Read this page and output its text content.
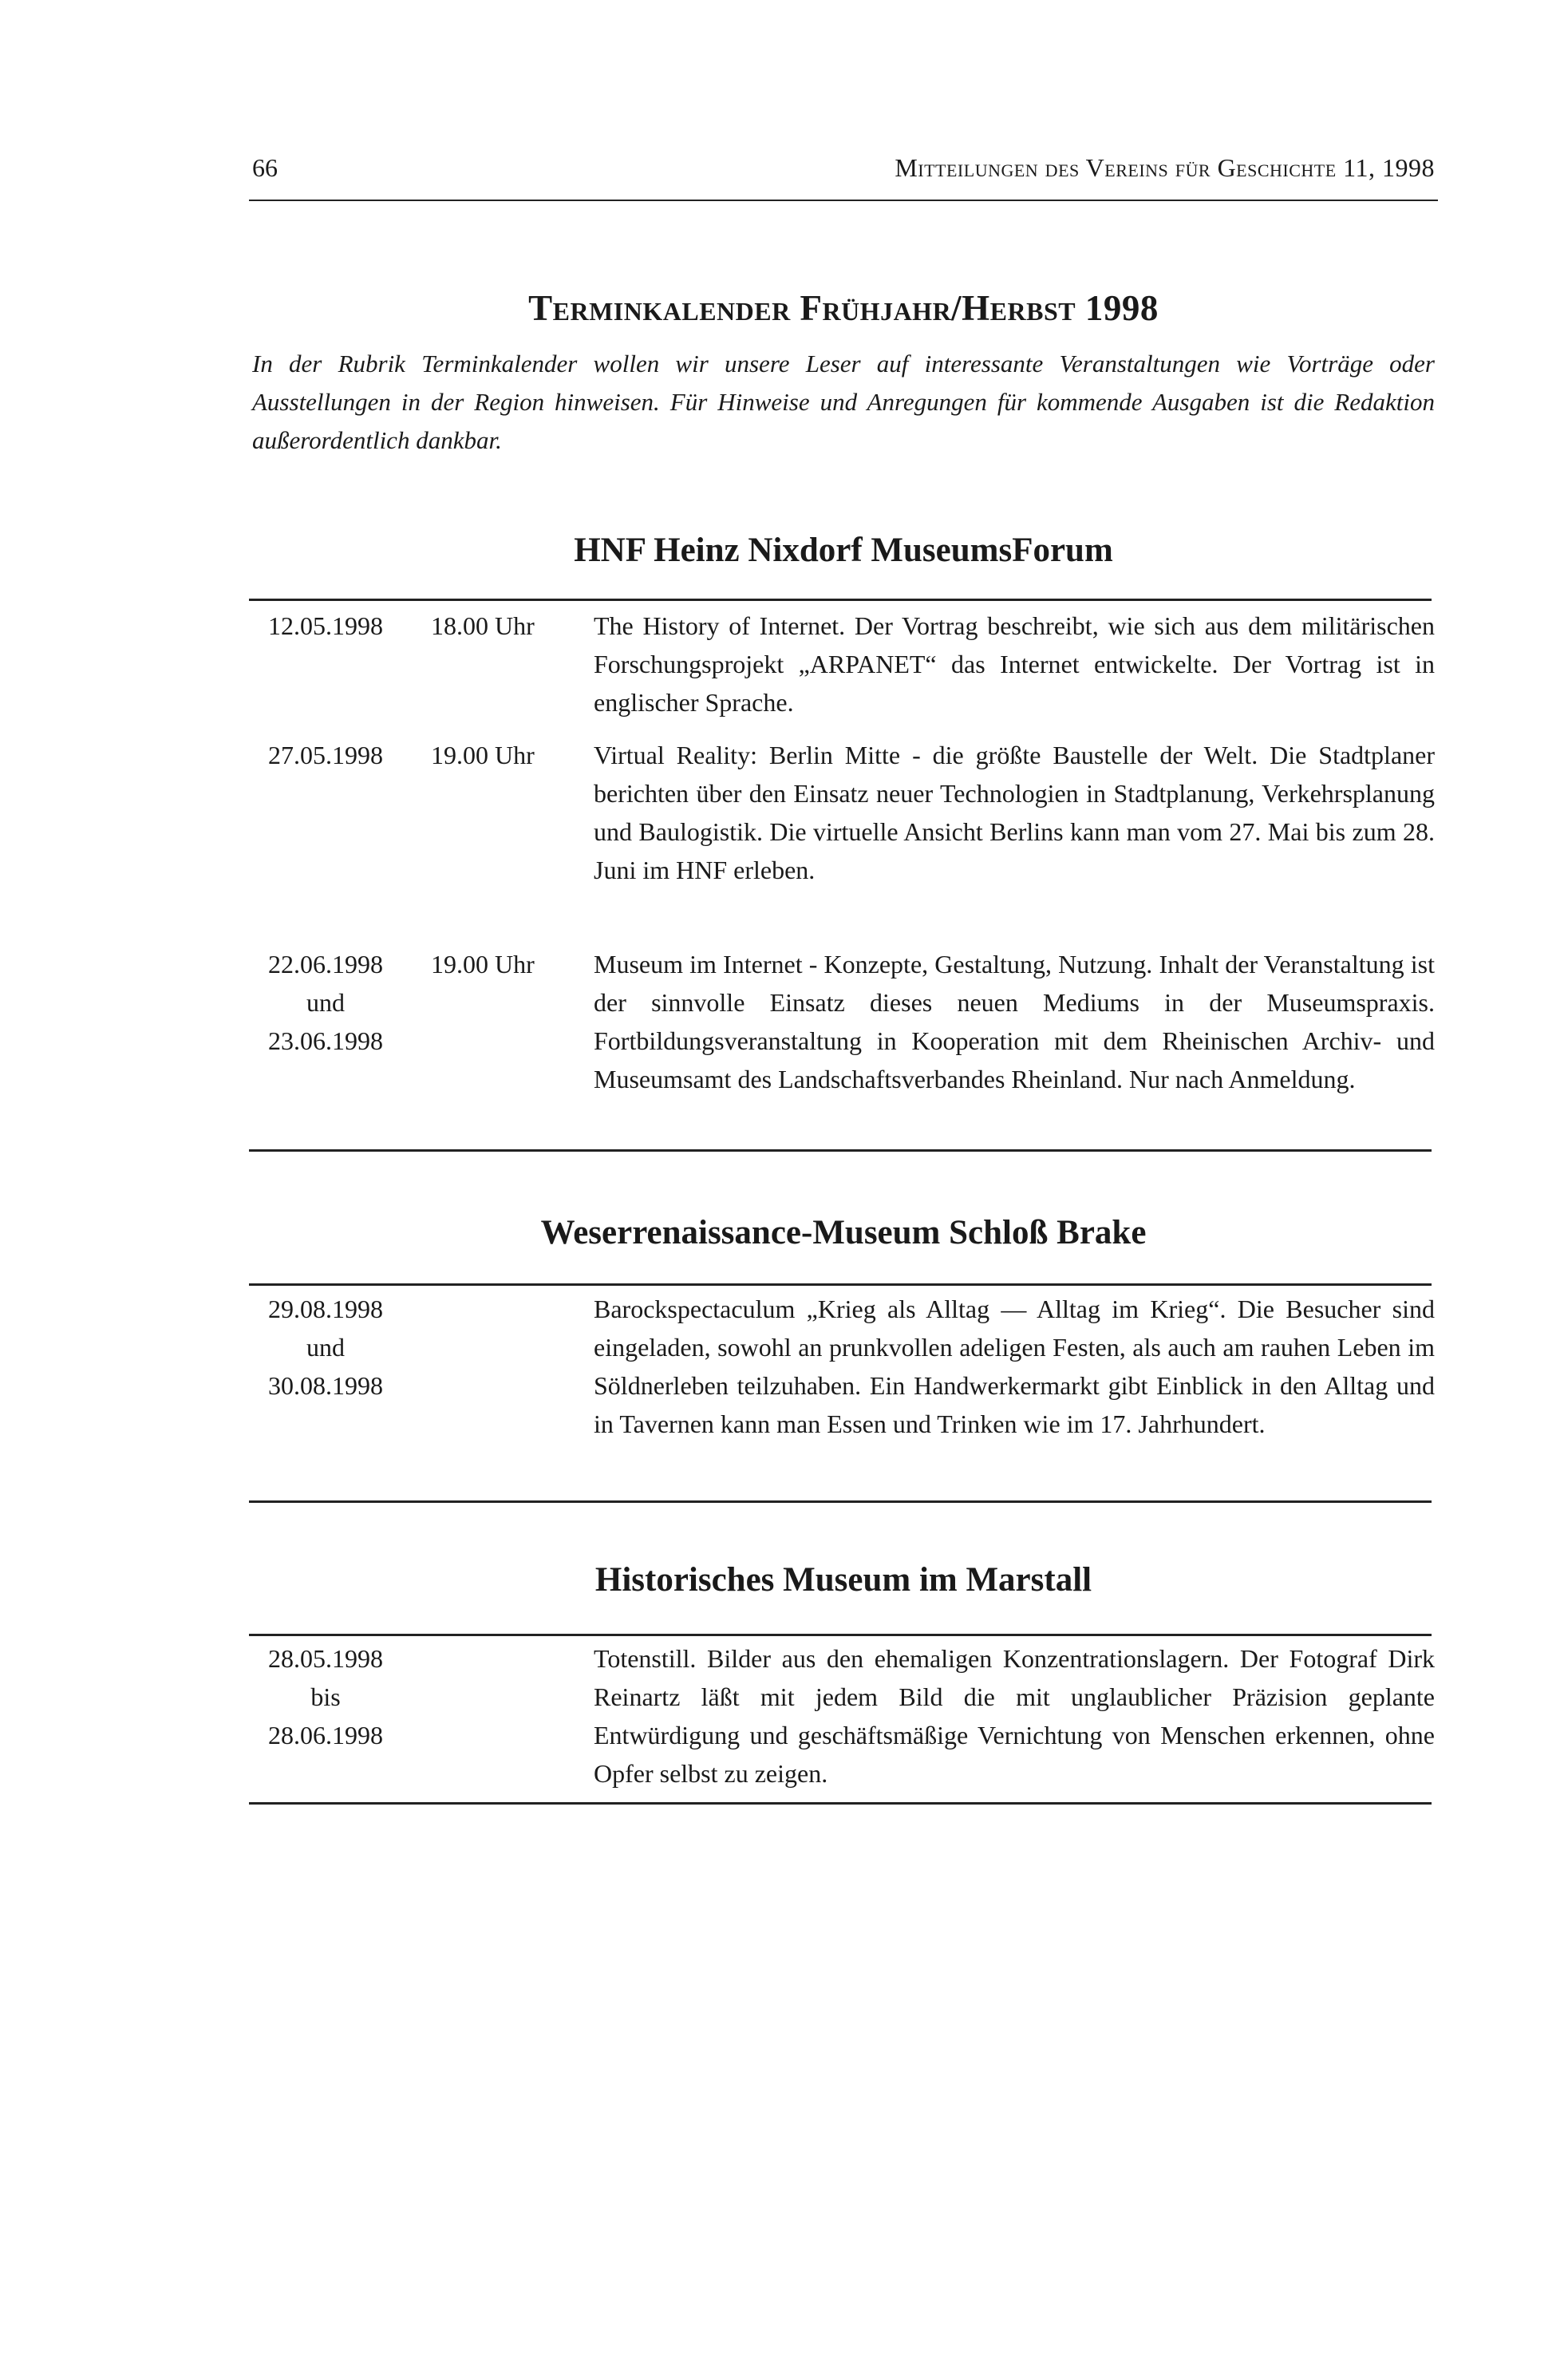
66	Mitteilungen des Vereins für Geschichte 11, 1998
Terminkalender Frühjahr/Herbst 1998
In der Rubrik Terminkalender wollen wir unsere Leser auf interessante Veranstaltungen wie Vorträge oder Ausstellungen in der Region hinweisen. Für Hinweise und Anregungen für kommende Ausgaben ist die Redaktion außerordentlich dankbar.
HNF Heinz Nixdorf MuseumsForum
12.05.1998	18.00 Uhr The History of Internet. Der Vortrag beschreibt, wie sich aus dem militärischen Forschungsprojekt „ARPANET“ das Internet entwickelte. Der Vortrag ist in englischer Sprache.
27.05.1998	19.00 Uhr Virtual Reality: Berlin Mitte - die größte Baustelle der Welt. Die Stadtplaner berichten über den Einsatz neuer Technologien in Stadtplanung, Verkehrsplanung und Baulogistik. Die virtuelle Ansicht Berlins kann man vom 27. Mai bis zum 28. Juni im HNF erleben.
22.06.1998
und
23.06.1998
19.00 Uhr Museum im Internet - Konzepte, Gestaltung, Nutzung. Inhalt der Veranstaltung ist der sinnvolle Einsatz dieses neuen Mediums in der Museumspraxis. Fortbildungsveranstaltung in Kooperation mit dem Rheinischen Archiv- und Museumsamt des Landschaftsverbandes Rheinland. Nur nach Anmeldung.
Weserrenaissance-Museum Schloß Brake
29.08.1998
und
30.08.1998
Barockspectaculum „Krieg als Alltag — Alltag im Krieg“. Die Besucher sind eingeladen, sowohl an prunkvollen adeligen Festen, als auch am rauhen Leben im Söldnerleben teilzuhaben. Ein Handwerkermarkt gibt Einblick in den Alltag und in Tavernen kann man Essen und Trinken wie im 17. Jahrhundert.
Historisches Museum im Marstall
28.05.1998
bis
28.06.1998
Totenstill. Bilder aus den ehemaligen Konzentrationslagern. Der Fotograf Dirk Reinartz läßt mit jedem Bild die mit unglaublicher Präzision geplante Entwürdigung und geschäftsmäßige Vernichtung von Menschen erkennen, ohne Opfer selbst zu zeigen.
